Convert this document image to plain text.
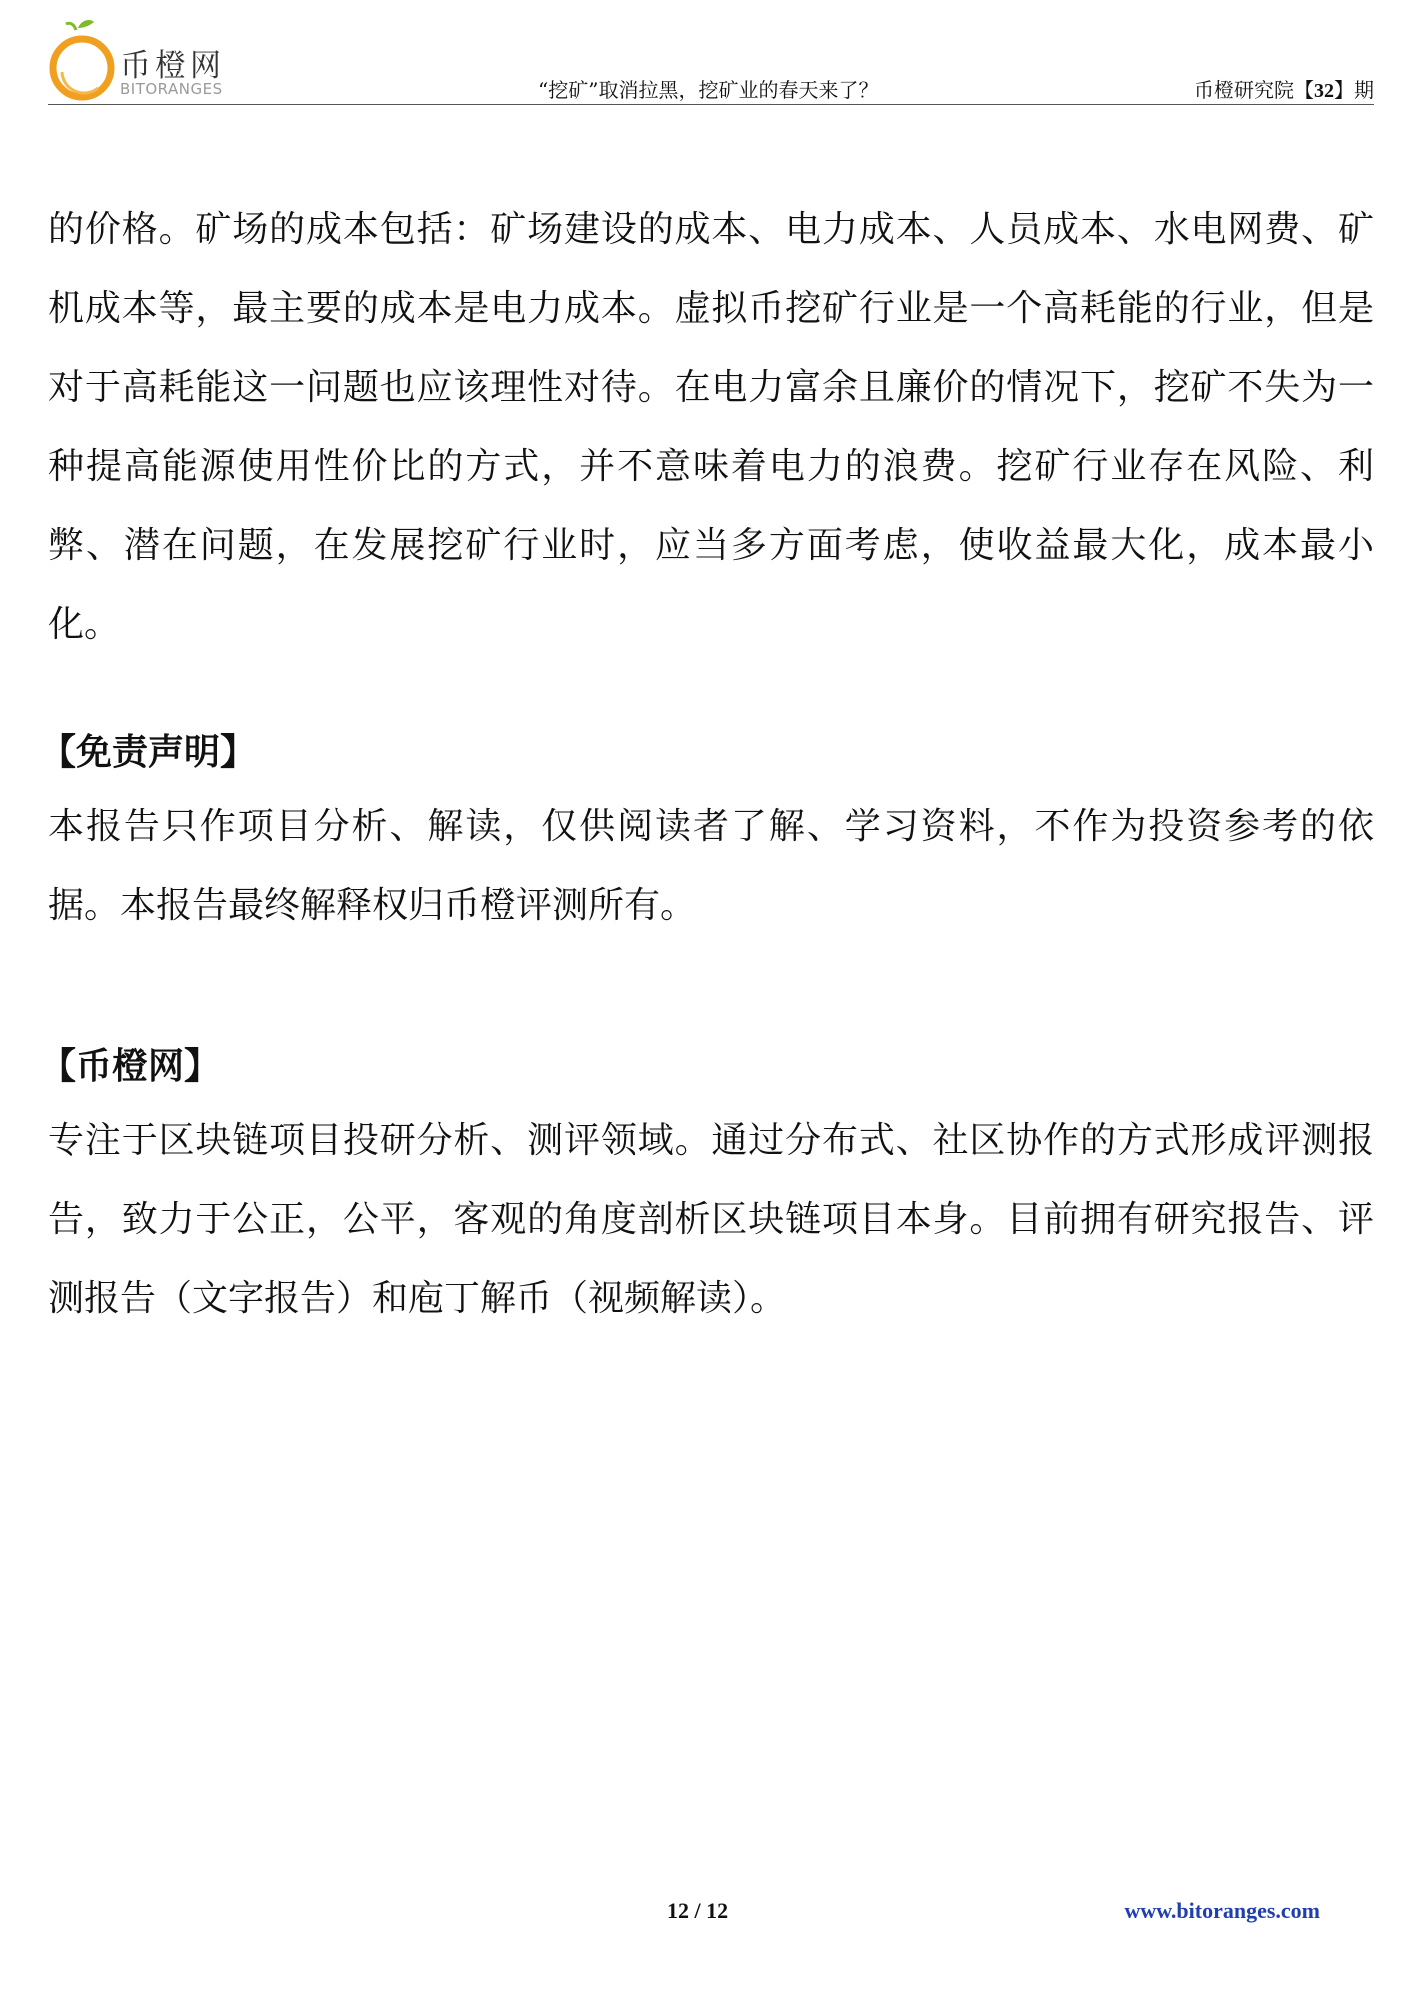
币橙网
BITORANGES	“挖矿”取消拉黑，挖矿业的春天来了？	币橙研究院【32】期

的价格。矿场的成本包括：矿场建设的成本、电力成本、人员成本、水电网费、矿机成本等，最主要的成本是电力成本。虚拟币挖矿行业是一个高耗能的行业，但是对于高耗能这一问题也应该理性对待。在电力富余且廉价的情况下，挖矿不失为一种提高能源使用性价比的方式，并不意味着电力的浪费。挖矿行业存在风险、利弊、潜在问题，在发展挖矿行业时，应当多方面考虑，使收益最大化，成本最小化。

【免责声明】

本报告只作项目分析、解读，仅供阅读者了解、学习资料，不作为投资参考的依据。本报告最终解释权归币橙评测所有。

【币橙网】

专注于区块链项目投研分析、测评领域。通过分布式、社区协作的方式形成评测报告，致力于公正，公平，客观的角度剖析区块链项目本身。目前拥有研究报告、评测报告（文字报告）和庖丁解币（视频解读）。

12 / 12	www.bitoranges.com
